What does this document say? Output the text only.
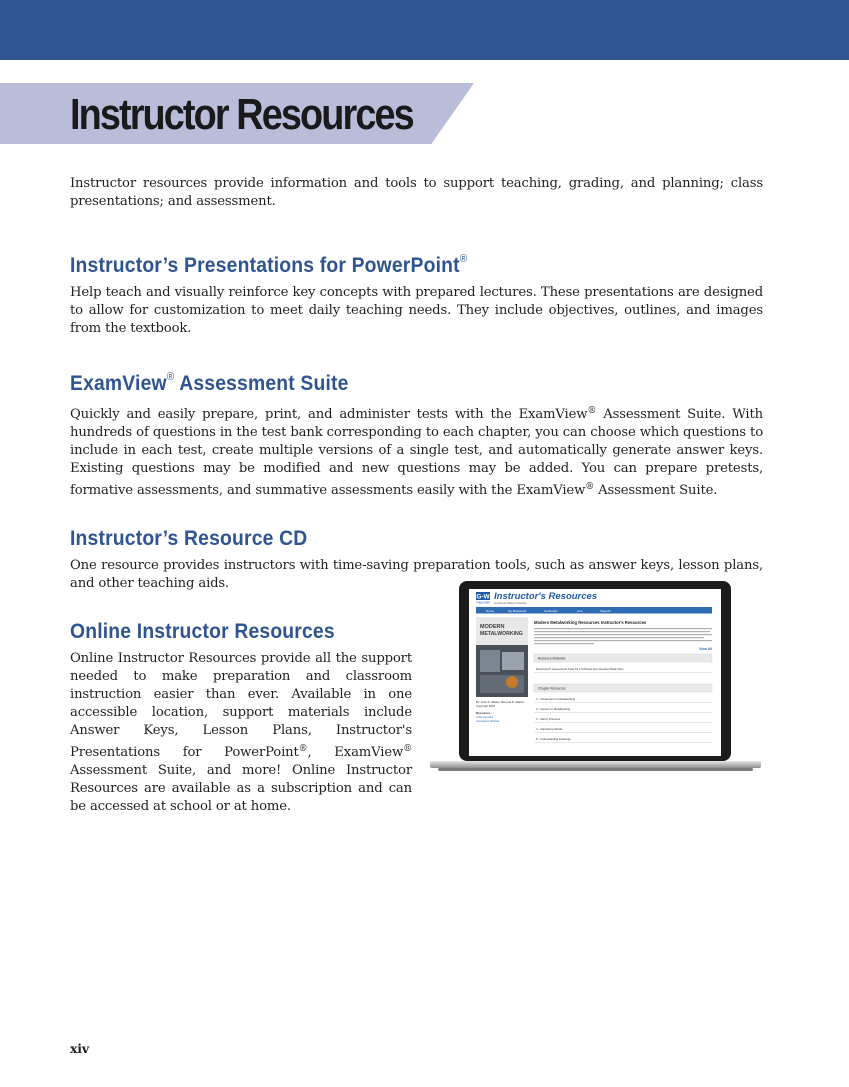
Instructor Resources

Instructor resources provide information and tools to support teaching, grading, and planning; class presentations; and assessment.

Instructor’s Presentations for PowerPoint®

Help teach and visually reinforce key concepts with prepared lectures. These presentations are designed to allow for customization to meet daily teaching needs. They include objectives, outlines, and images from the textbook.

ExamView® Assessment Suite

Quickly and easily prepare, print, and administer tests with the ExamView® Assessment Suite. With hundreds of questions in the test bank corresponding to each chapter, you can choose which questions to include in each test, create multiple versions of a single test, and automatically generate answer keys. Existing questions may be modified and new questions may be added. You can prepare pretests, formative assessments, and summative assessments easily with the ExamView® Assessment Suite.

Instructor’s Resource CD

One resource provides instructors with time-saving preparation tools, such as answer keys, lesson plans, and other teaching aids.

Online Instructor Resources

Online Instructor Resources provide all the support needed to make preparation and classroom instruction easier than ever. Available in one accessible location, support materials include Answer Keys, Lesson Plans, Instructor's Presentations for PowerPoint®, ExamView® Assessment Suite, and more! Online Instructor Resources are available as a subscription and can be accessed at school or at home.

G-W
PUBLISHER
Instructor's Resources
Goodheart-Willcox Publisher
Home	My Bookshelf	Textbooks	Live	Support
MODERN
METALWORKING
By: John R. Walker, Bernard D. Mathis
Copyright 2015
Resources
Order Inquiries
Companion Website
Modern Metalworking Resources Instructor's Resources
View All
Resource Materials
ExamView® Assessment Suite 10.2 Software and Question Bank Files
Chapter Resources
1 - Introduction to Metalworking
2 - Careers in Metalworking
3 - Safety Practices
4 - Classifying Metals
5 - Understanding Drawings

xiv
